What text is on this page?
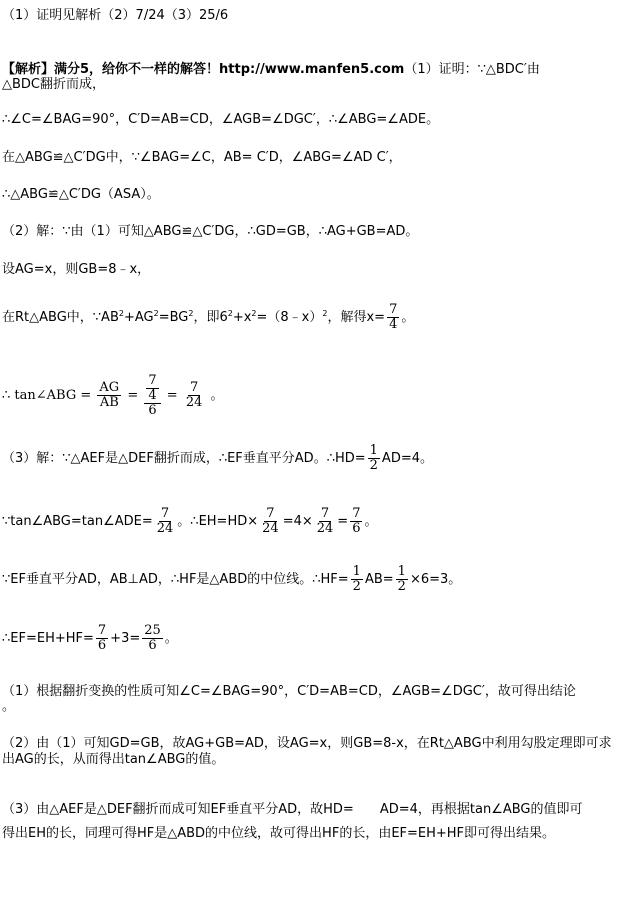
（1）证明见解析（2）7/24（3）25/6
【解析】满分5，给你不一样的解答！http://www.manfen5.com（1）证明：∵△BDC′由
△BDC翻折而成，
∴∠C=∠BAG=90°，C′D=AB=CD，∠AGB=∠DGC′，∴∠ABG=∠ADE。
在△ABG≌△C′DG中，∵∠BAG=∠C，AB= C′D，∠ABG=∠AD C′，
∴△ABG≌△C′DG（ASA）。
（2）解：∵由（1）可知△ABG≌△C′DG，∴GD=GB，∴AG+GB=AD。
设AG=x，则GB=8﹣x，
在Rt△ABG中，$\because AB^2+AG^2=BG^2$，即$6^2+x^2=(8﹣x)^2$，解得$x= \frac{7}{4}$ 。
∴ tan∠ABG = $\frac{AG}{AB} = \frac{\frac{7}{4}}{6} = \frac{7}{24}$ 。
（3）解：∵△AEF是△DEF翻折而成，∴EF垂直平分AD。∴HD= $\frac{1}{2} AD=4$。
∵tan∠ABG=tan∠ADE= $\frac{7}{24}$ 。∴EH=HD× $\frac{7}{24} =4\times \frac{7}{24} = \frac{7}{6}$ 。
∵EF垂直平分AD，AB⊥AD，∴HF是△ABD的中位线。∴HF= $\frac{1}{2} AB= \frac{1}{2} \times 6=3$。
∴EF=EH+HF= $\frac{7}{6} +3= \frac{25}{6}$ 。
（1）根据翻折变换的性质可知∠C=∠BAG=90°，C′D=AB=CD，∠AGB=∠DGC′，故可得出结论
。
（2）由（1）可知GD=GB，故AG+GB=AD，设AG=x，则GB=8-x，在Rt△ABG中利用勾股定理即可求
出AG的长，从而得出tan∠ABG的值。
（3）由△AEF是△DEF翻折而成可知EF垂直平分AD，故HD=　　AD=4，再根据tan∠ABG的值即可
得出EH的长，同理可得HF是△ABD的中位线，故可得出HF的长，由EF=EH+HF即可得出结果。
